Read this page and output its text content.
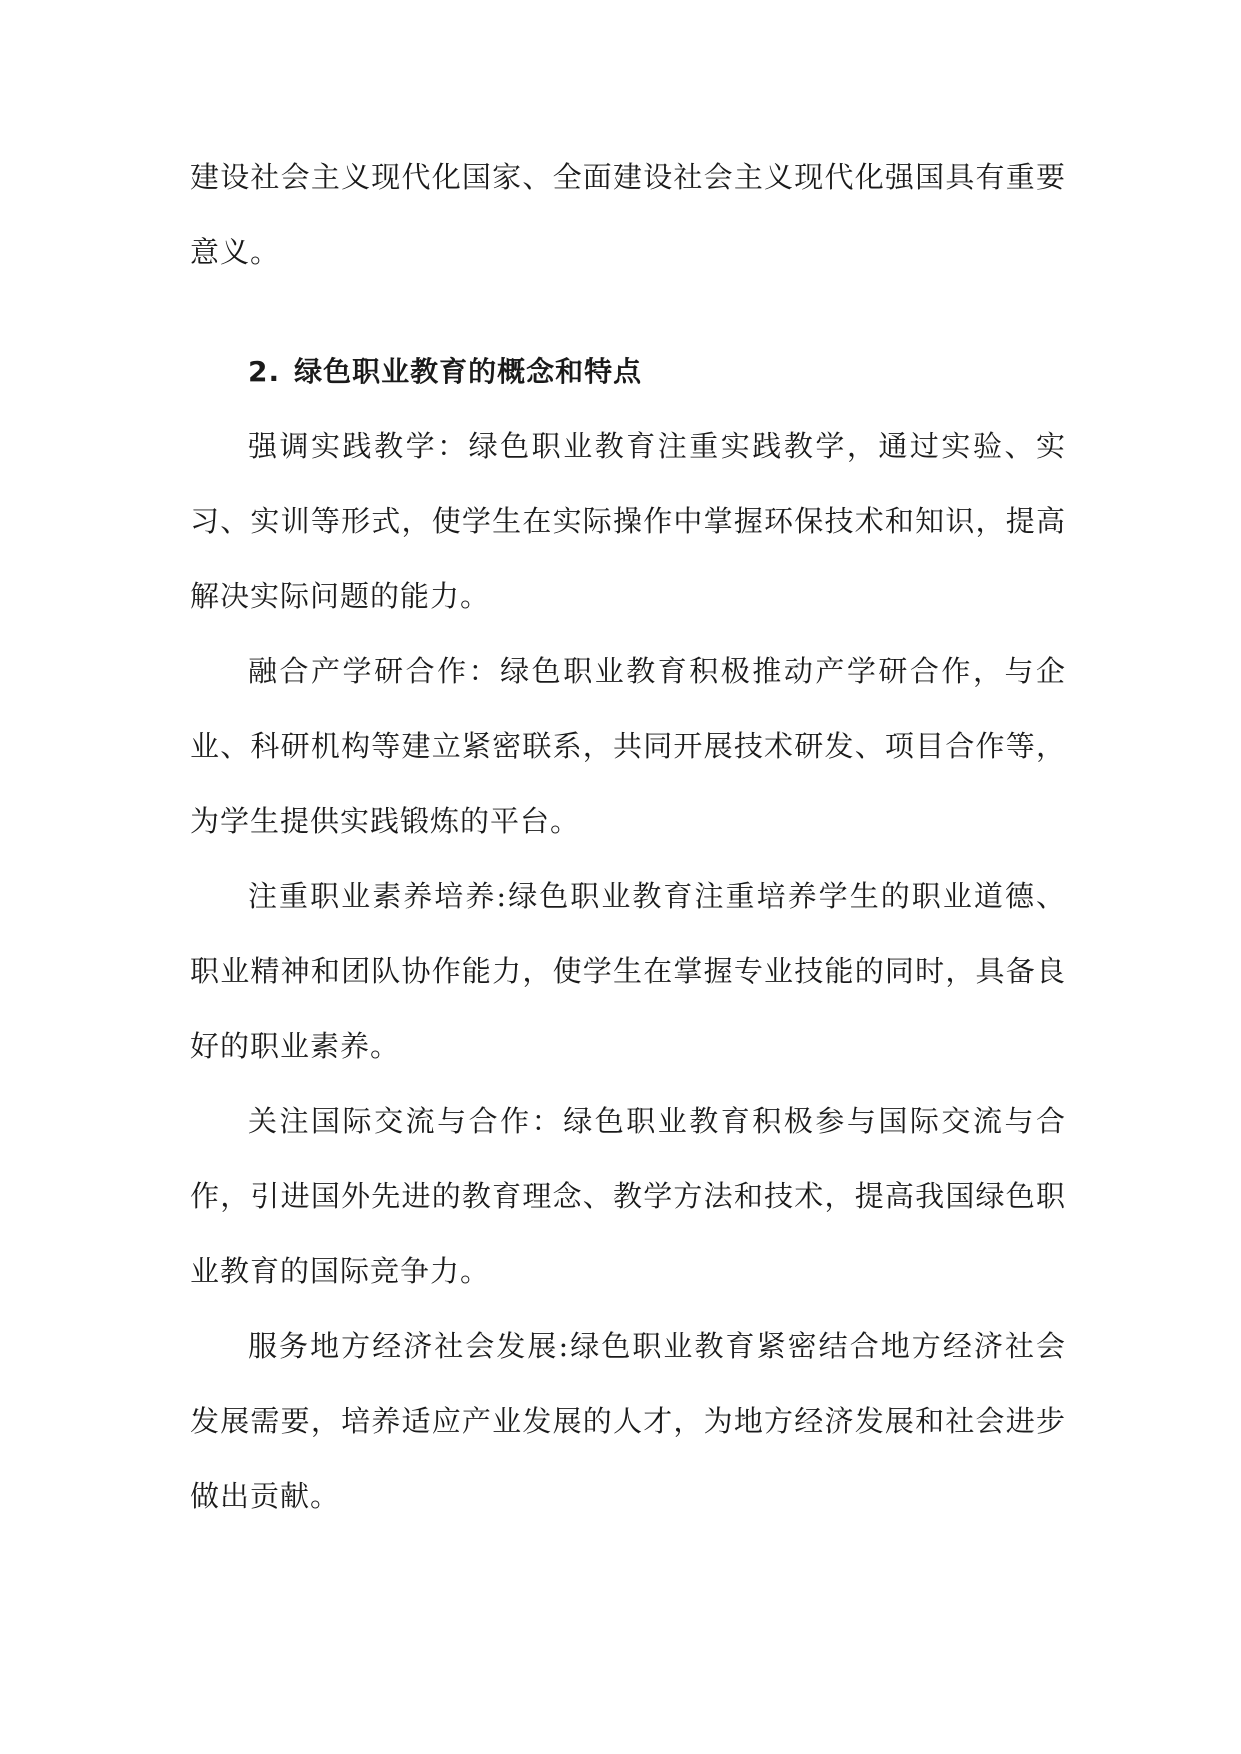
建设社会主义现代化国家、全面建设社会主义现代化强国具有重要意义。

2. 绿色职业教育的概念和特点

强调实践教学：绿色职业教育注重实践教学，通过实验、实习、实训等形式，使学生在实际操作中掌握环保技术和知识，提高解决实际问题的能力。

融合产学研合作：绿色职业教育积极推动产学研合作，与企业、科研机构等建立紧密联系，共同开展技术研发、项目合作等，为学生提供实践锻炼的平台。

注重职业素养培养:绿色职业教育注重培养学生的职业道德、职业精神和团队协作能力，使学生在掌握专业技能的同时，具备良好的职业素养。

关注国际交流与合作：绿色职业教育积极参与国际交流与合作，引进国外先进的教育理念、教学方法和技术，提高我国绿色职业教育的国际竞争力。

服务地方经济社会发展:绿色职业教育紧密结合地方经济社会发展需要，培养适应产业发展的人才，为地方经济发展和社会进步做出贡献。
